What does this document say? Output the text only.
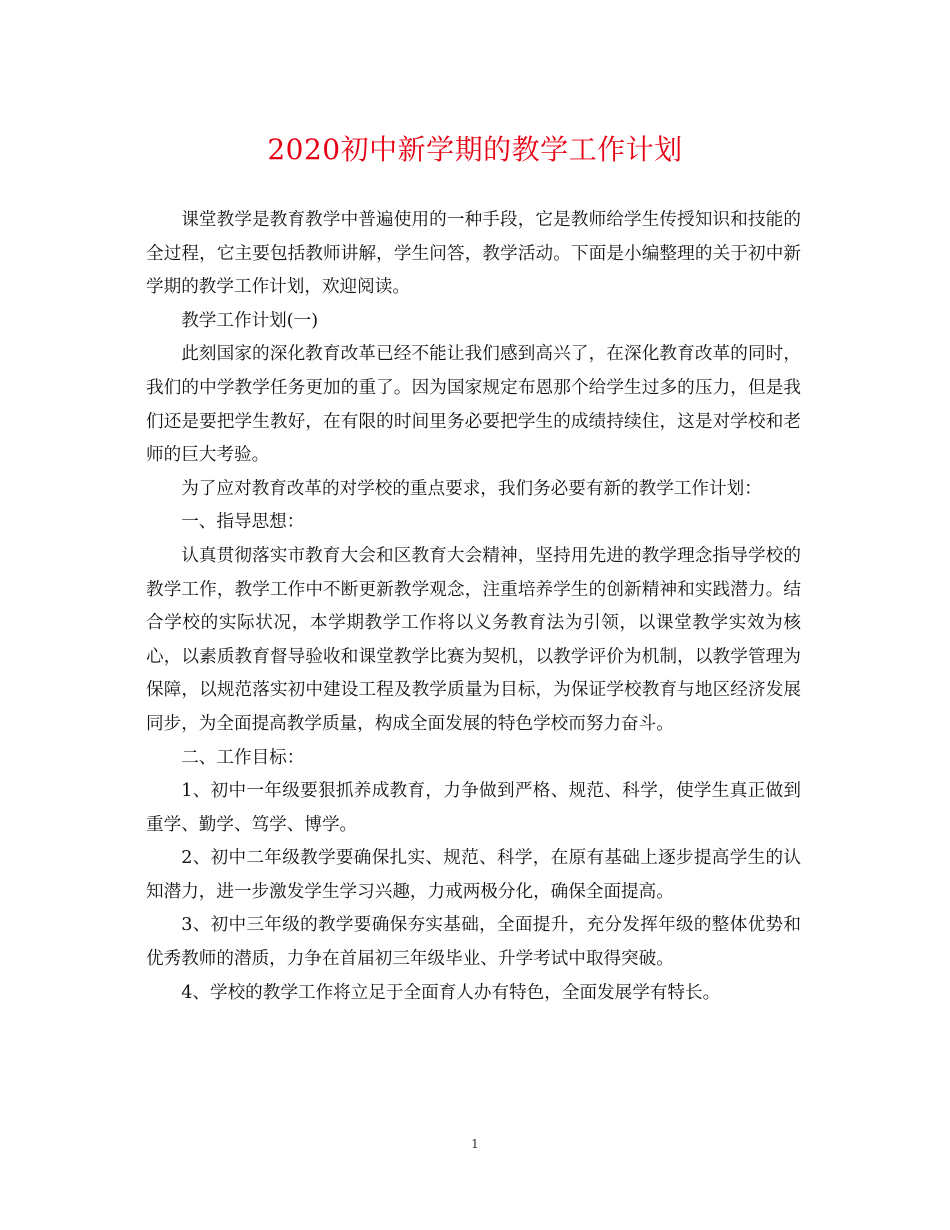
2020初中新学期的教学工作计划

课堂教学是教育教学中普遍使用的一种手段，它是教师给学生传授知识和技能的全过程，它主要包括教师讲解，学生问答，教学活动。下面是小编整理的关于初中新学期的教学工作计划，欢迎阅读。

教学工作计划(一)

此刻国家的深化教育改革已经不能让我们感到高兴了，在深化教育改革的同时，我们的中学教学任务更加的重了。因为国家规定布恩那个给学生过多的压力，但是我们还是要把学生教好，在有限的时间里务必要把学生的成绩持续住，这是对学校和老师的巨大考验。

为了应对教育改革的对学校的重点要求，我们务必要有新的教学工作计划：

一、指导思想：

认真贯彻落实市教育大会和区教育大会精神，坚持用先进的教学理念指导学校的教学工作，教学工作中不断更新教学观念，注重培养学生的创新精神和实践潜力。结合学校的实际状况，本学期教学工作将以义务教育法为引领，以课堂教学实效为核心，以素质教育督导验收和课堂教学比赛为契机，以教学评价为机制，以教学管理为保障，以规范落实初中建设工程及教学质量为目标，为保证学校教育与地区经济发展同步，为全面提高教学质量，构成全面发展的特色学校而努力奋斗。

二、工作目标：

1、初中一年级要狠抓养成教育，力争做到严格、规范、科学，使学生真正做到重学、勤学、笃学、博学。

2、初中二年级教学要确保扎实、规范、科学，在原有基础上逐步提高学生的认知潜力，进一步激发学生学习兴趣，力戒两极分化，确保全面提高。

3、初中三年级的教学要确保夯实基础，全面提升，充分发挥年级的整体优势和优秀教师的潜质，力争在首届初三年级毕业、升学考试中取得突破。

4、学校的教学工作将立足于全面育人办有特色，全面发展学有特长。

1
